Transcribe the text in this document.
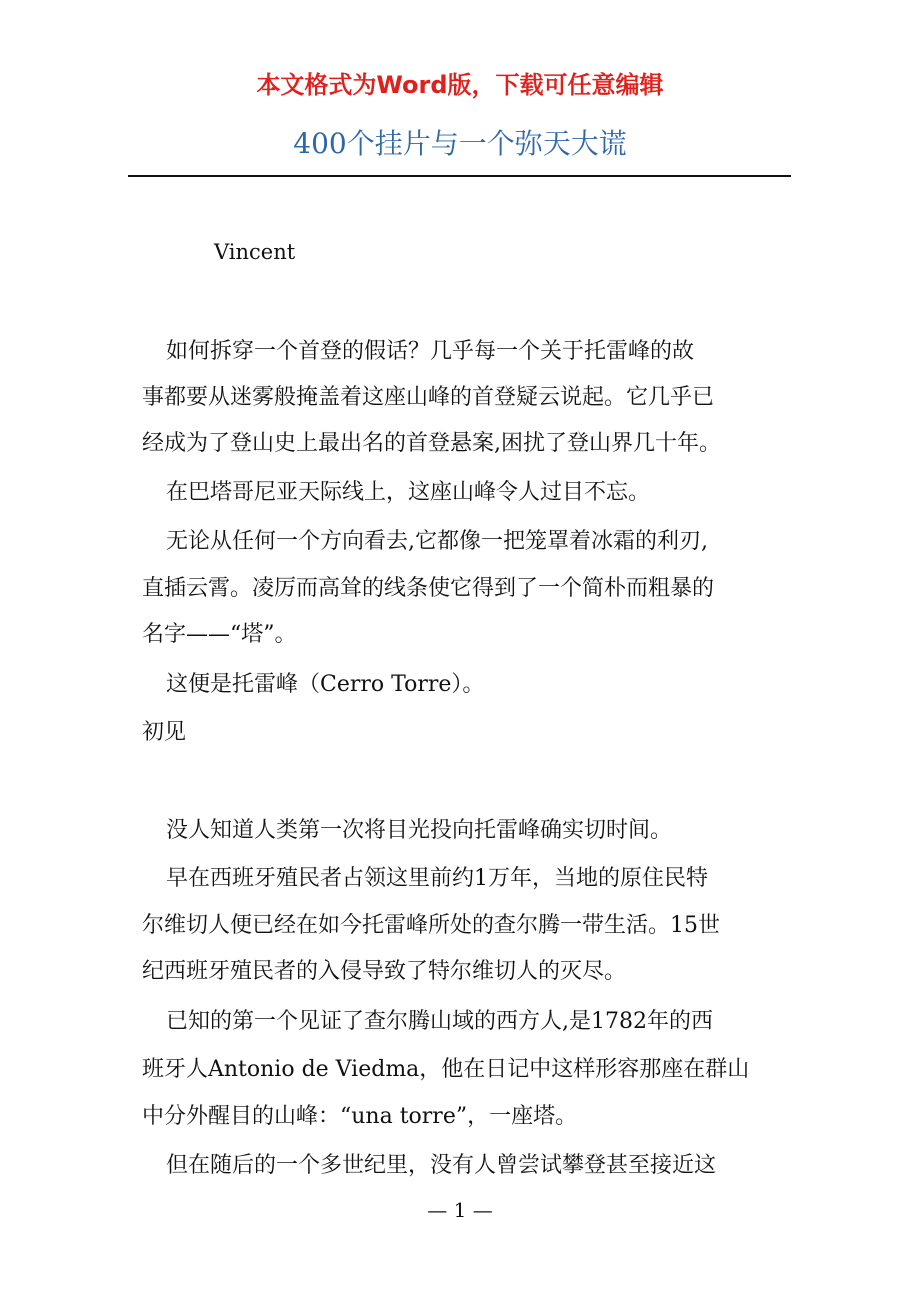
本文格式为Word版，下载可任意编辑
400个挂片与一个弥天大谎
Vincent
如何拆穿一个首登的假话？几乎每一个关于托雷峰的故
事都要从迷雾般掩盖着这座山峰的首登疑云说起。它几乎已
经成为了登山史上最出名的首登悬案,困扰了登山界几十年。
在巴塔哥尼亚天际线上，这座山峰令人过目不忘。
无论从任何一个方向看去,它都像一把笼罩着冰霜的利刃,
直插云霄。凌厉而高耸的线条使它得到了一个简朴而粗暴的
名字——“塔”。
这便是托雷峰（Cerro Torre）。
初见
没人知道人类第一次将目光投向托雷峰确实切时间。
早在西班牙殖民者占领这里前约1万年，当地的原住民特
尔维切人便已经在如今托雷峰所处的查尔腾一带生活。15世
纪西班牙殖民者的入侵导致了特尔维切人的灭尽。
已知的第一个见证了查尔腾山域的西方人,是1782年的西
班牙人Antonio de Viedma，他在日记中这样形容那座在群山
中分外醒目的山峰：“una torre”，一座塔。
但在随后的一个多世纪里，没有人曾尝试攀登甚至接近这
— 1 —
